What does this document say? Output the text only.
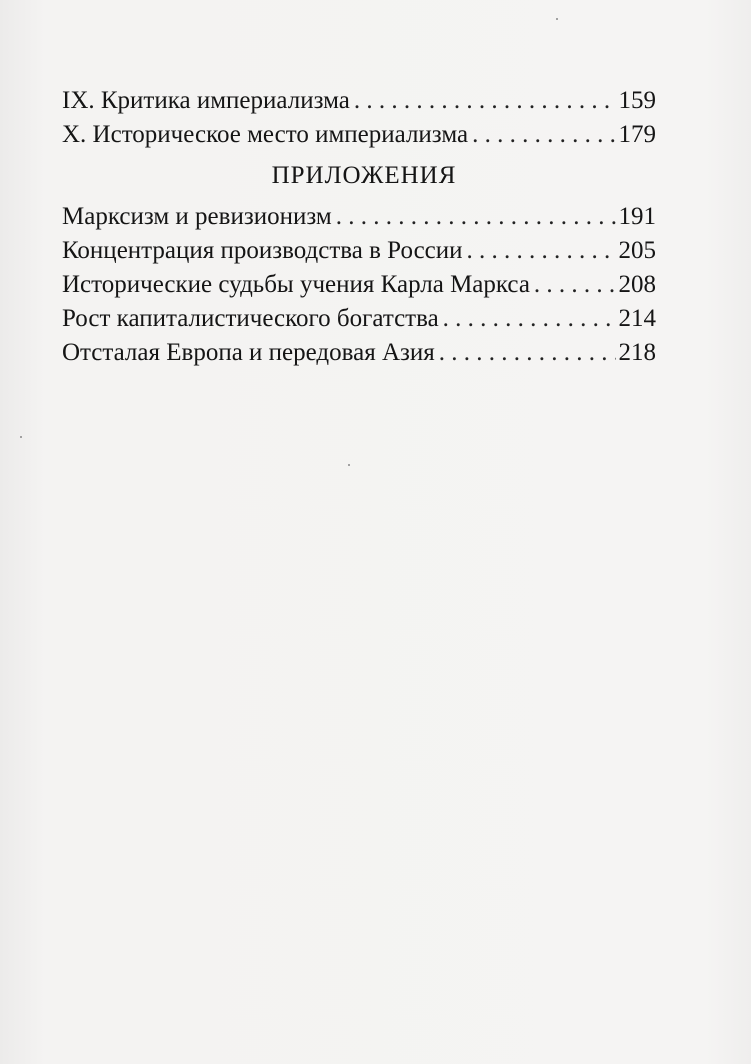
IX. Критика империализма . . .	159
X. Историческое место империализма . . .	179
ПРИЛОЖЕНИЯ
Марксизм и ревизионизм . . .	191
Концентрация производства в России . . .	205
Исторические судьбы учения Карла Маркса . . .	208
Рост капиталистического богатства . . .	214
Отсталая Европа и передовая Азия . . .	218
